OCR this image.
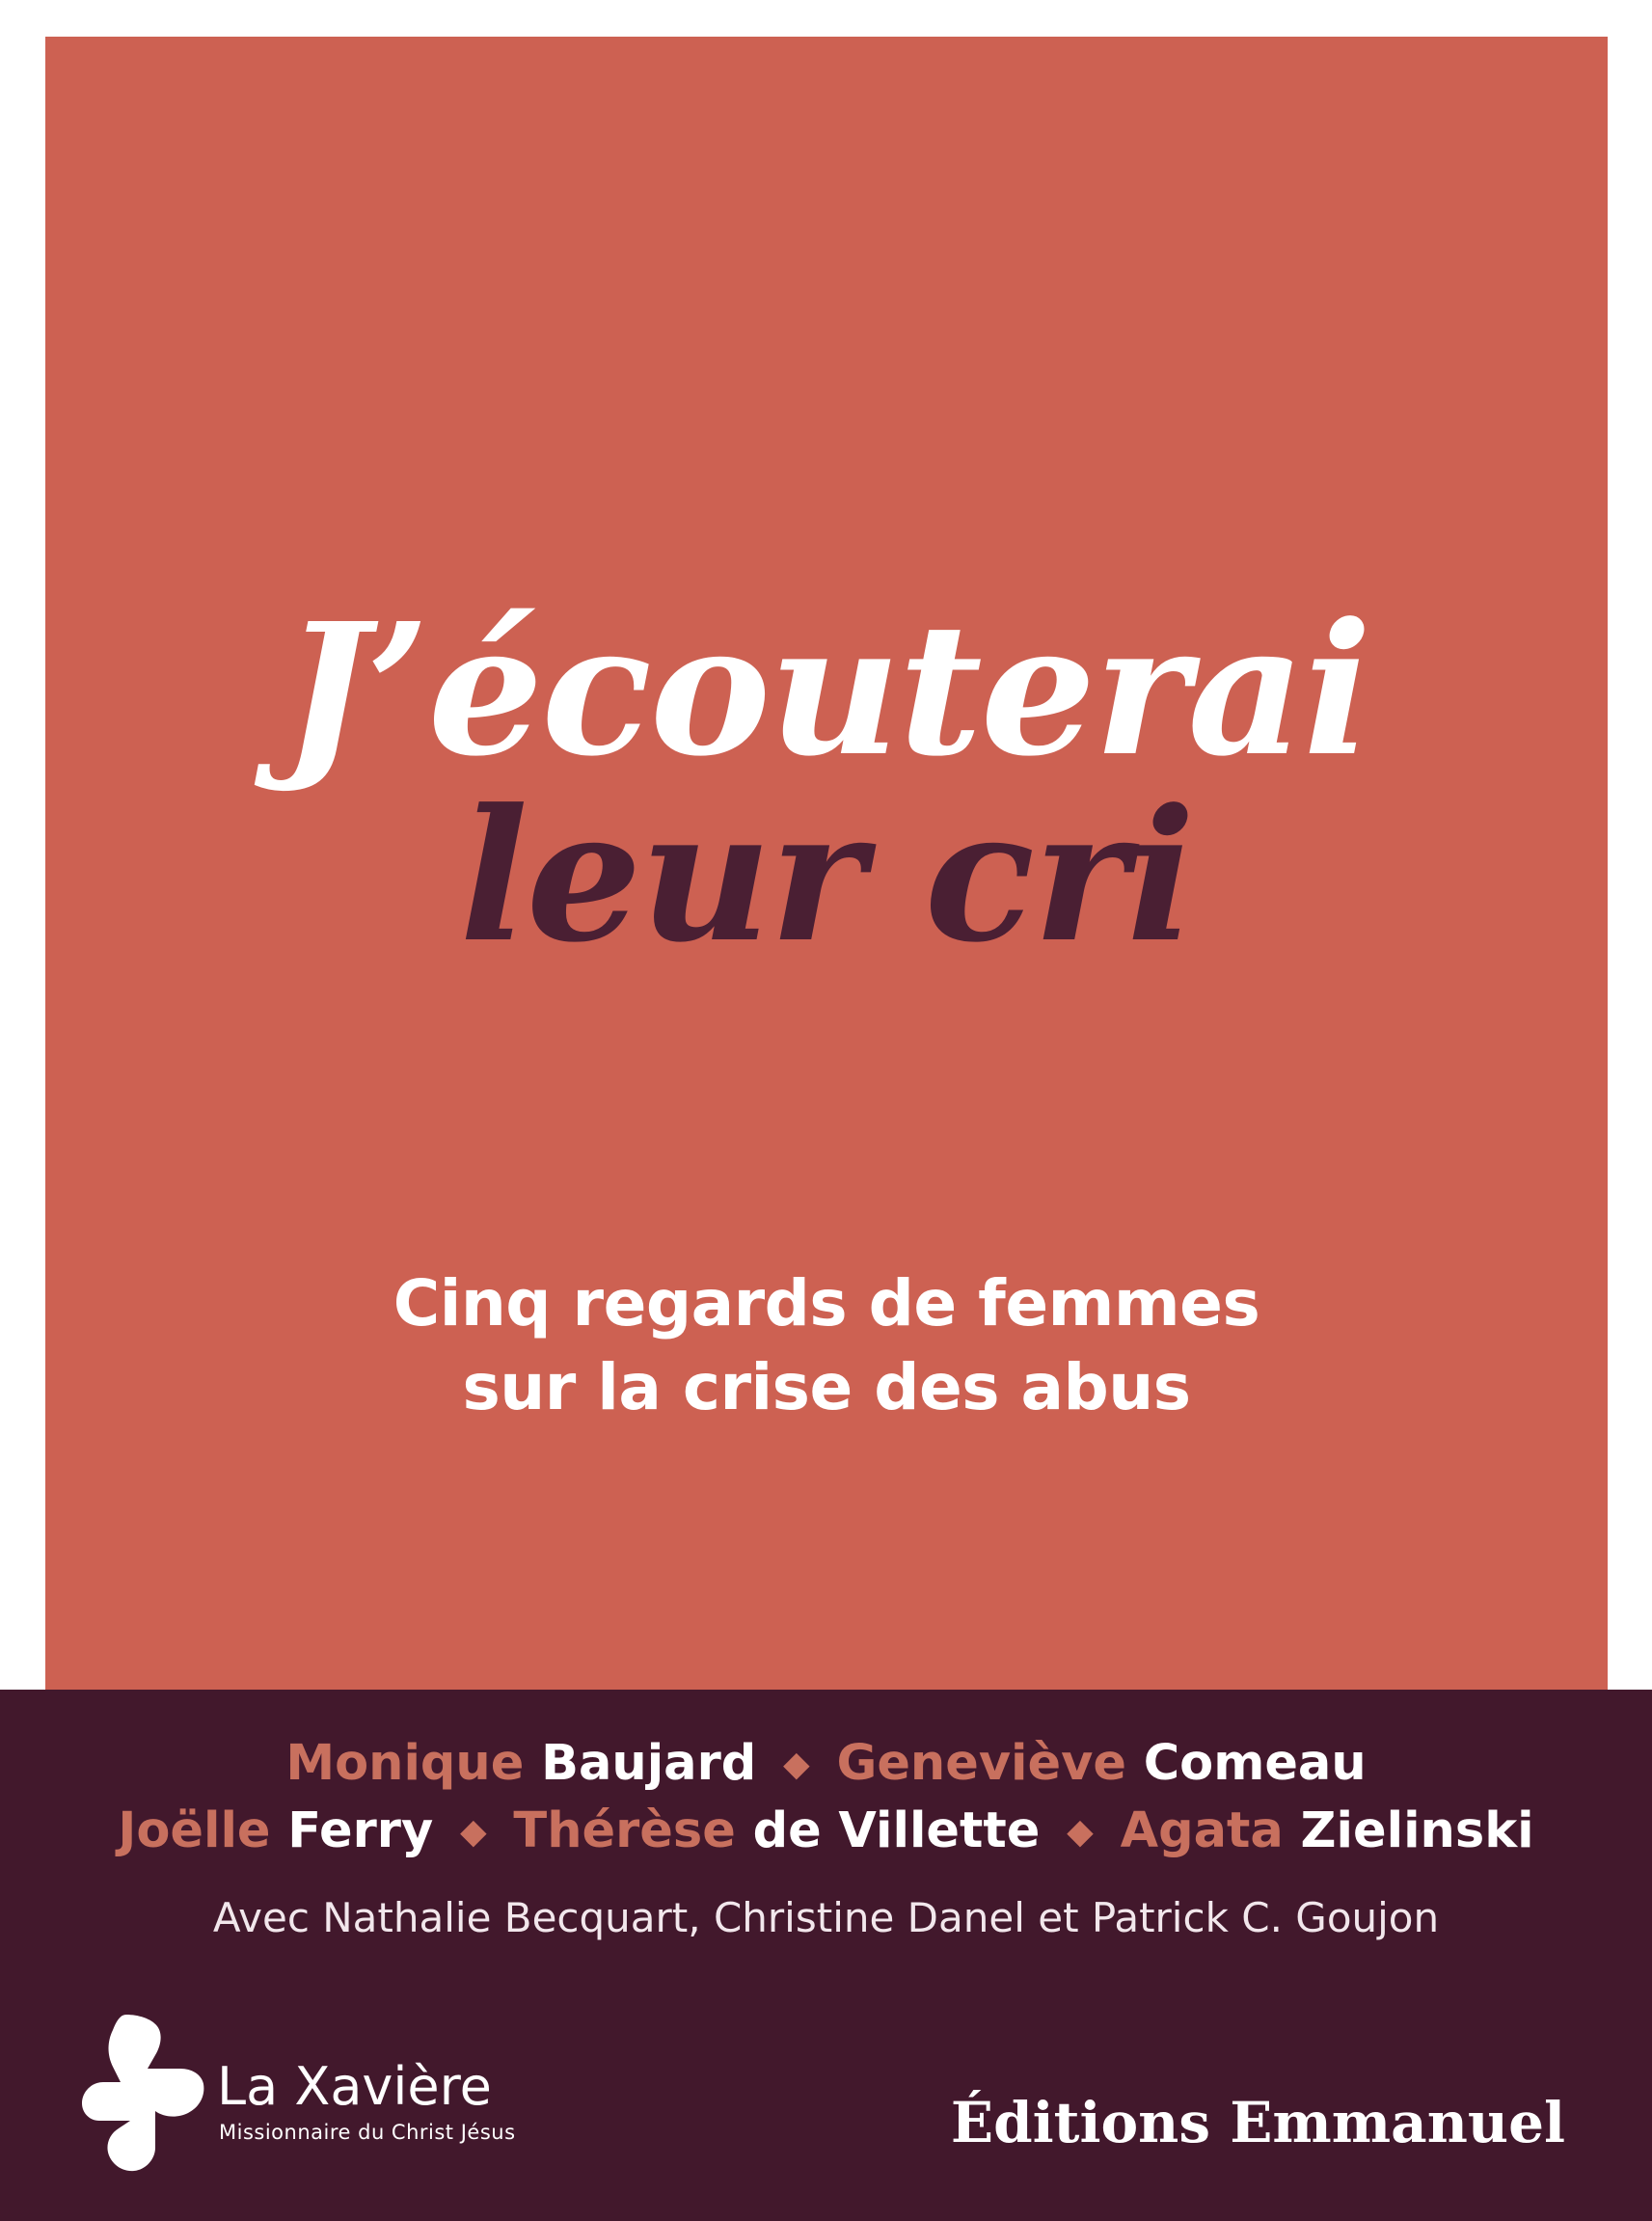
J’écouterai
leur cri
Cinq regards de femmes
sur la crise des abus
Monique Baujard ◆ Geneviève Comeau
Joëlle Ferry ◆ Thérèse de Villette ◆ Agata Zielinski
Avec Nathalie Becquart, Christine Danel et Patrick C. Goujon
La Xavière
Missionnaire du Christ Jésus	Éditions Emmanuel
